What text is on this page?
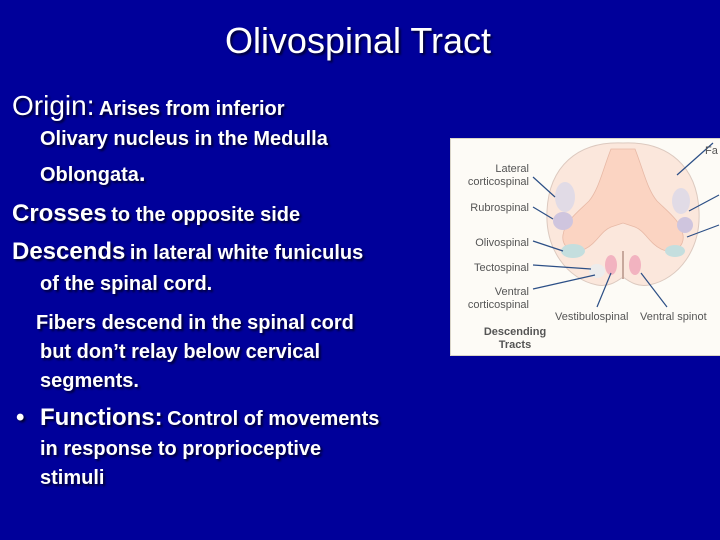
Olivospinal Tract
Origin: Arises from inferior
Olivary nucleus in the Medulla
Oblongata.
Crosses to the opposite side
Descends in lateral white funiculus
of the spinal cord.
Fibers descend in the spinal cord
but don’t relay below cervical
segments.
• Functions: Control of movements
in response to proprioceptive
stimuli
Lateral
corticospinal
Rubrospinal
Olivospinal
Tectospinal
Ventral
corticospinal
Vestibulospinal Ventral spinot
Fa
Descending
Tracts
